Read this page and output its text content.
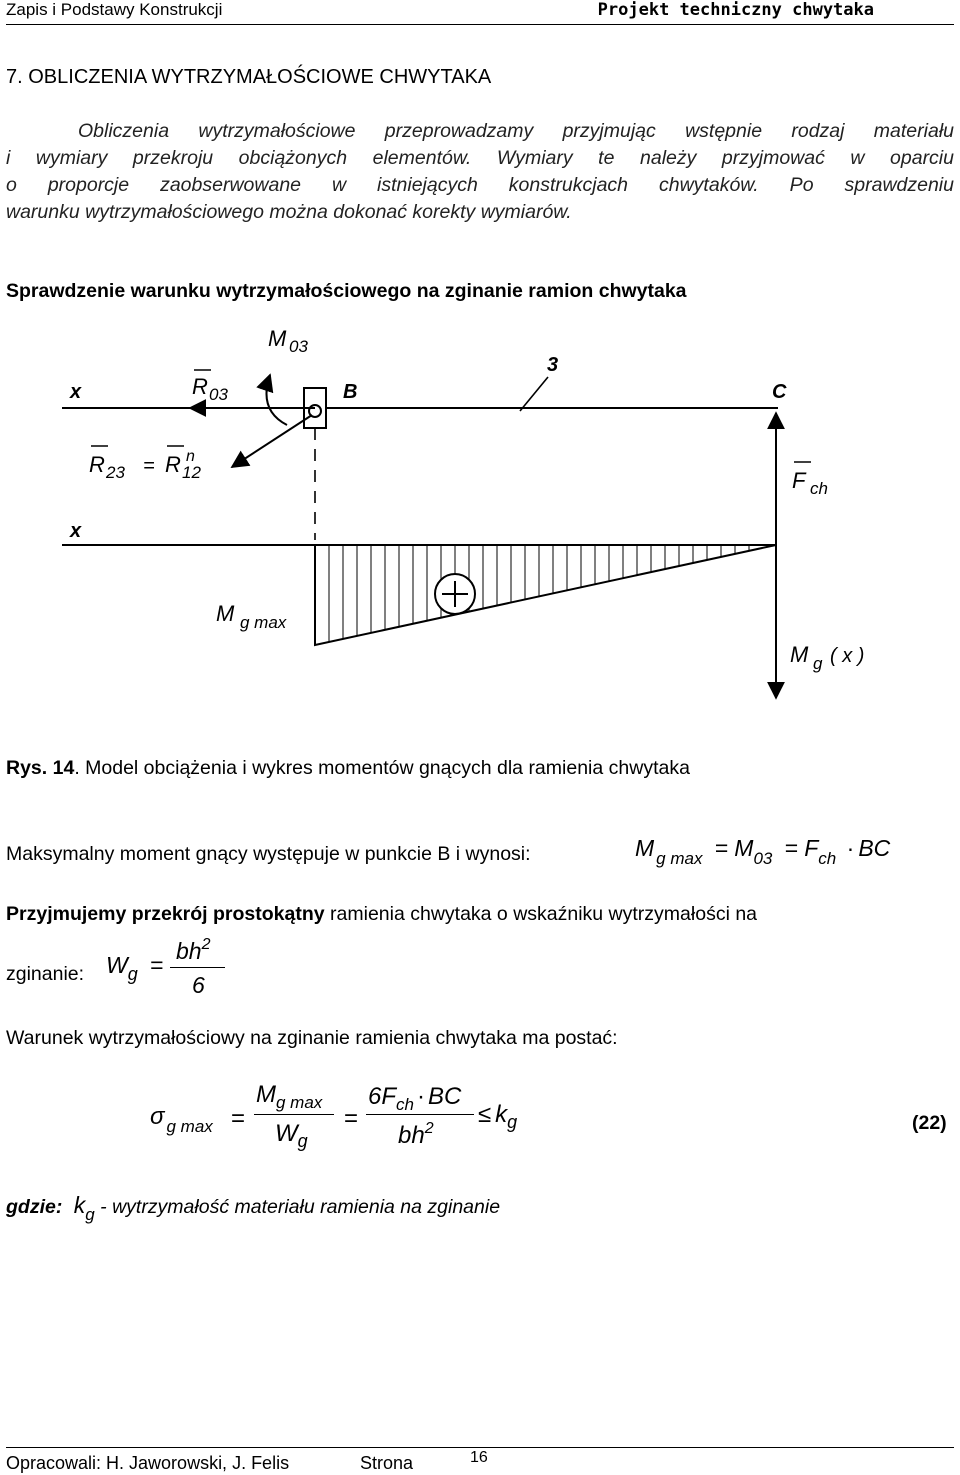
Zapis i Podstawy Konstrukcji	Projekt techniczny chwytaka
7. OBLICZENIA WYTRZYMAŁOŚCIOWE CHWYTAKA
Obliczenia wytrzymałościowe przeprowadzamy przyjmując wstępnie rodzaj materiału
i wymiary przekroju obciążonych elementów. Wymiary te należy przyjmować w oparciu
o proporcje zaobserwowane w istniejących konstrukcjach chwytaków. Po sprawdzeniu
warunku wytrzymałościowego można dokonać korekty wymiarów.
Sprawdzenie warunku wytrzymałościowego na zginanie ramion chwytaka
M 03
x	R 03	B
3
C
R 23 = R n
12	F ch
x
M g max
M g ( x )
Rys. 14. Model obciążenia i wykres momentów gnących dla ramienia chwytaka
Maksymalny moment gnący występuje w punkcie B i wynosi:	M $_{g max} = M_{03} = F_{ch}$ · BC
Przyjmujemy przekrój prostokątny ramienia chwytaka o wskaźniku wytrzymałości na
zginanie: $W_g$ =
$bh^2$
6
Warunek wytrzymałościowy na zginanie ramienia chwytaka ma postać:
σ $_{g max}$ =
$M_{g max}$
$W_g$
=
$6F_{ch}$ · BC
$bh^2$
≤ $k_g$	(22)
gdzie: kg - wytrzymałość materiału ramienia na zginanie
Opracowali: H. Jaworowski, J. Felis	Strona	16
